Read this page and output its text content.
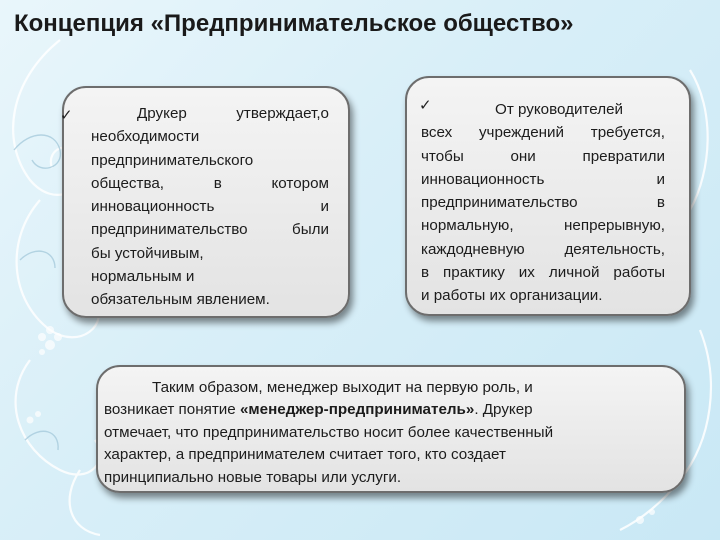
Концепция «Предпринимательское общество»
✓	Друкер утверждает,о
необходимости
предпринимательского
общества, в котором
инновационность и
предпринимательство были
бы устойчивым,
нормальным и
обязательным явлением.
✓	От руководителей
всех учреждений требуется,
чтобы они превратили
инновационность и
предпринимательство в
нормальную, непрерывную,
каждодневную деятельность,
в практику их личной работы
и работы их организации.
Таким образом, менеджер выходит на первую роль, и
возникает понятие «менеджер-предприниматель». Друкер
отмечает, что предпринимательство носит более качественный
характер, а предпринимателем считает того, кто создает
принципиально новые товары или услуги.
